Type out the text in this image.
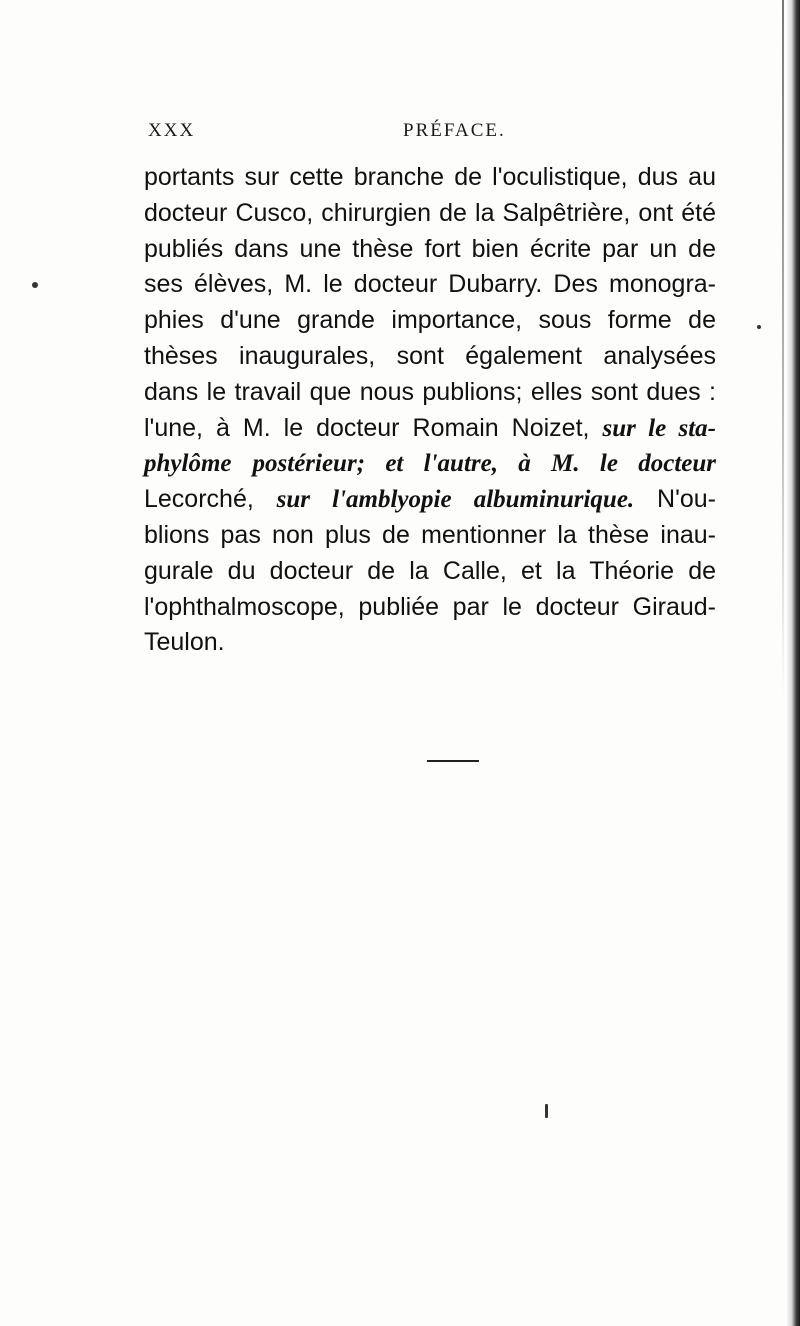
XXX	PRÉFACE.
portants sur cette branche de l'oculistique, dus au
docteur Cusco, chirurgien de la Salpêtrière, ont été
publiés dans une thèse fort bien écrite par un de
ses élèves, M. le docteur Dubarry. Des monogra-
phies d'une grande importance, sous forme de
thèses inaugurales, sont également analysées
dans le travail que nous publions; elles sont dues :
l'une, à M. le docteur Romain Noizet, sur le sta-
phylôme postérieur; et l'autre, à M. le docteur
Lecorché, sur l'amblyopie albuminurique. N'ou-
blions pas non plus de mentionner la thèse inau-
gurale du docteur de la Calle, et la Théorie de
l'ophthalmoscope, publiée par le docteur Giraud-
Teulon.
